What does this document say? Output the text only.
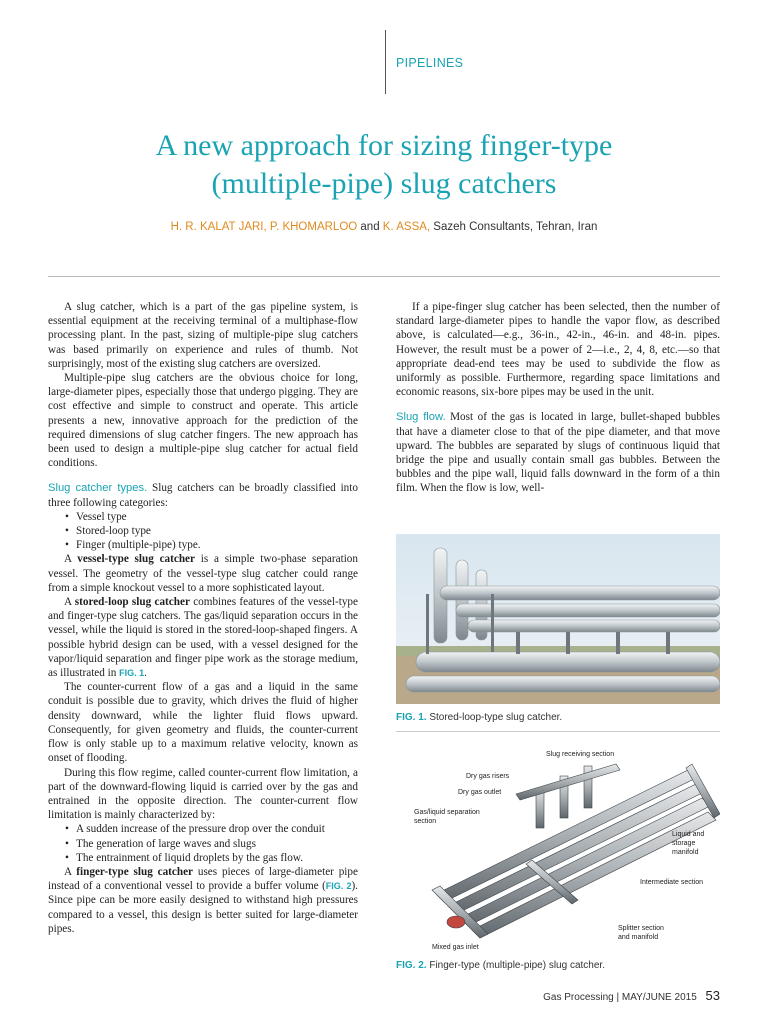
PIPELINES
A new approach for sizing finger-type
(multiple-pipe) slug catchers
H. R. KALAT JARI, P. KHOMARLOO and K. ASSA, Sazeh Consultants, Tehran, Iran

A slug catcher, which is a part of the gas pipeline system, is essential equipment at the receiving terminal of a multiphase-flow processing plant. In the past, sizing of multiple-pipe slug catchers was based primarily on experience and rules of thumb. Not surprisingly, most of the existing slug catchers are oversized.

Multiple-pipe slug catchers are the obvious choice for long, large-diameter pipes, especially those that undergo pigging. They are cost effective and simple to construct and operate. This article presents a new, innovative approach for the prediction of the required dimensions of slug catcher fingers. The new approach has been used to design a multiple-pipe slug catcher for actual field conditions.

Slug catcher types. Slug catchers can be broadly classified into three following categories:

• Vessel type
• Stored-loop type
• Finger (multiple-pipe) type.

A vessel-type slug catcher is a simple two-phase separation vessel. The geometry of the vessel-type slug catcher could range from a simple knockout vessel to a more sophisticated layout.

A stored-loop slug catcher combines features of the vessel-type and finger-type slug catchers. The gas/liquid separation occurs in the vessel, while the liquid is stored in the stored-loop-shaped fingers. A possible hybrid design can be used, with a vessel designed for the vapor/liquid separation and finger pipe work as the storage medium, as illustrated in FIG. 1.

The counter-current flow of a gas and a liquid in the same conduit is possible due to gravity, which drives the fluid of higher density downward, while the lighter fluid flows upward. Consequently, for given geometry and fluids, the counter-current flow is only stable up to a maximum relative velocity, known as onset of flooding.

During this flow regime, called counter-current flow limitation, a part of the downward-flowing liquid is carried over by the gas and entrained in the opposite direction. The counter-current flow limitation is mainly characterized by:

• A sudden increase of the pressure drop over the conduit
• The generation of large waves and slugs
• The entrainment of liquid droplets by the gas flow.

A finger-type slug catcher uses pieces of large-diameter pipe instead of a conventional vessel to provide a buffer volume (FIG. 2). Since pipe can be more easily designed to withstand high pressures compared to a vessel, this design is better suited for large-diameter pipes.

If a pipe-finger slug catcher has been selected, then the number of standard large-diameter pipes to handle the vapor flow, as described above, is calculated—e.g., 36-in., 42-in., 46-in. and 48-in. pipes. However, the result must be a power of 2—i.e., 2, 4, 8, etc.—so that appropriate dead-end tees may be used to subdivide the flow as uniformly as possible. Furthermore, regarding space limitations and economic reasons, six-bore pipes may be used in the unit.

Slug flow. Most of the gas is located in large, bullet-shaped bubbles that have a diameter close to that of the pipe diameter, and that move upward. The bubbles are separated by slugs of continuous liquid that bridge the pipe and usually contain small gas bubbles. Between the bubbles and the pipe wall, liquid falls downward in the form of a thin film. When the flow is low, well-

FIG. 1. Stored-loop-type slug catcher.
Slug receiving section
Dry gas risers
Dry gas outlet
Gas/liquid separation
section
Liquid and
storage
manifold
Intermediate section
Splitter section
and manifold
Mixed gas inlet
FIG. 2. Finger-type (multiple-pipe) slug catcher.
Gas Processing | MAY/JUNE 2015 53
